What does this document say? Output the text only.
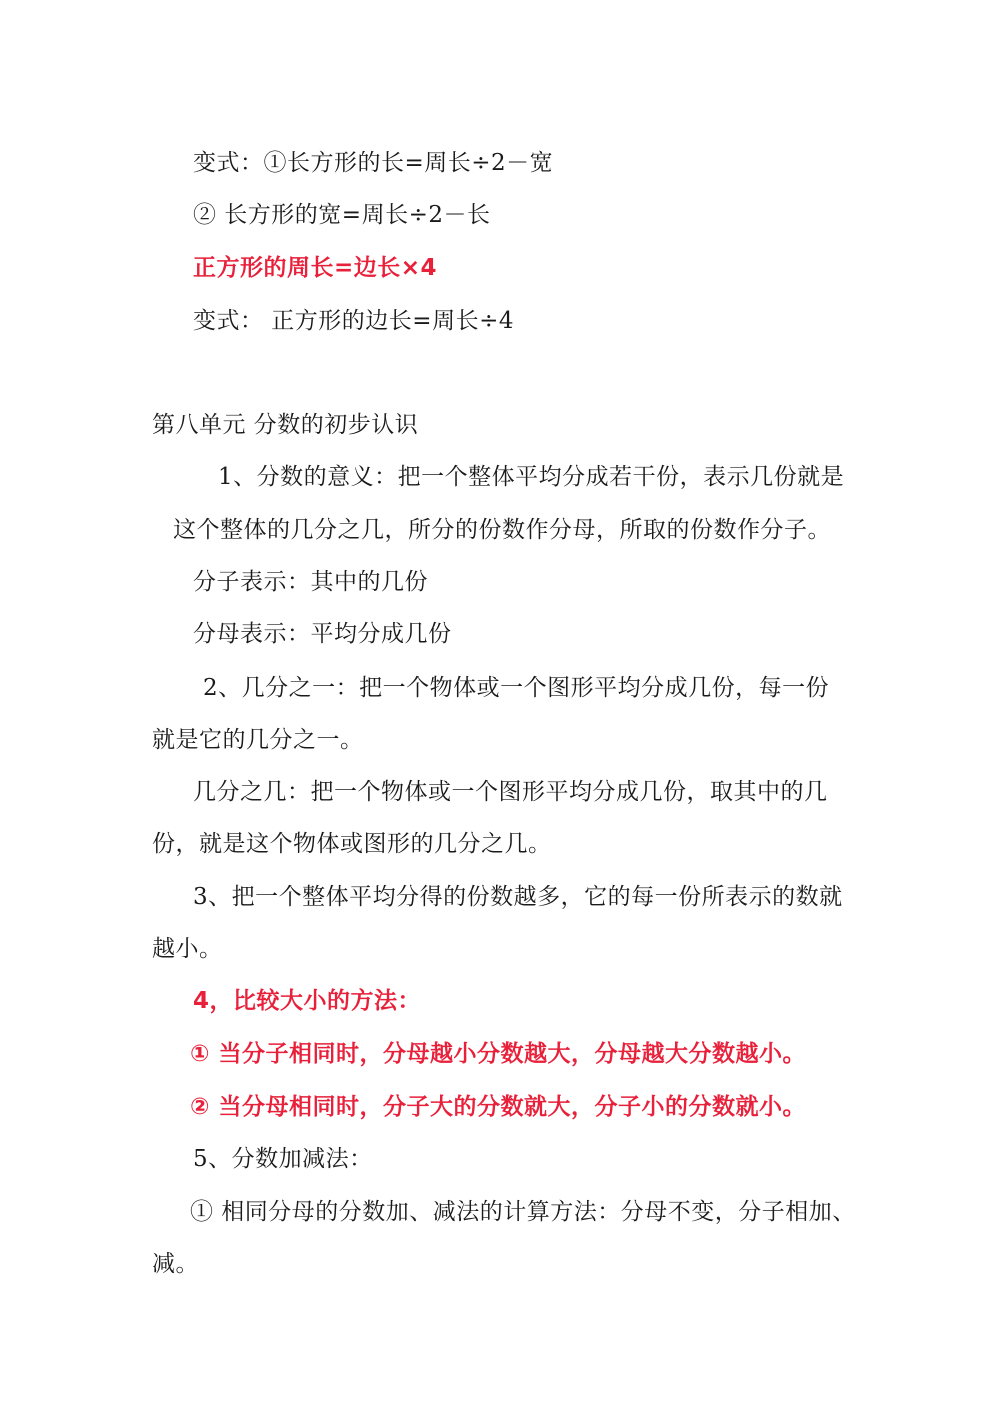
变式：①长方形的长=周长÷2－宽
② 长方形的宽=周长÷2－长
正方形的周长=边长×4
变式： 正方形的边长=周长÷4
第八单元 分数的初步认识
1、分数的意义：把一个整体平均分成若干份，表示几份就是
这个整体的几分之几，所分的份数作分母，所取的份数作分子。
分子表示：其中的几份
分母表示：平均分成几份
2、几分之一：把一个物体或一个图形平均分成几份，每一份
就是它的几分之一。
几分之几：把一个物体或一个图形平均分成几份，取其中的几
份，就是这个物体或图形的几分之几。
3、把一个整体平均分得的份数越多，它的每一份所表示的数就
越小。
4，比较大小的方法：
① 当分子相同时，分母越小分数越大，分母越大分数越小。
② 当分母相同时，分子大的分数就大，分子小的分数就小。
5、分数加减法：
① 相同分母的分数加、减法的计算方法：分母不变，分子相加、
减。
